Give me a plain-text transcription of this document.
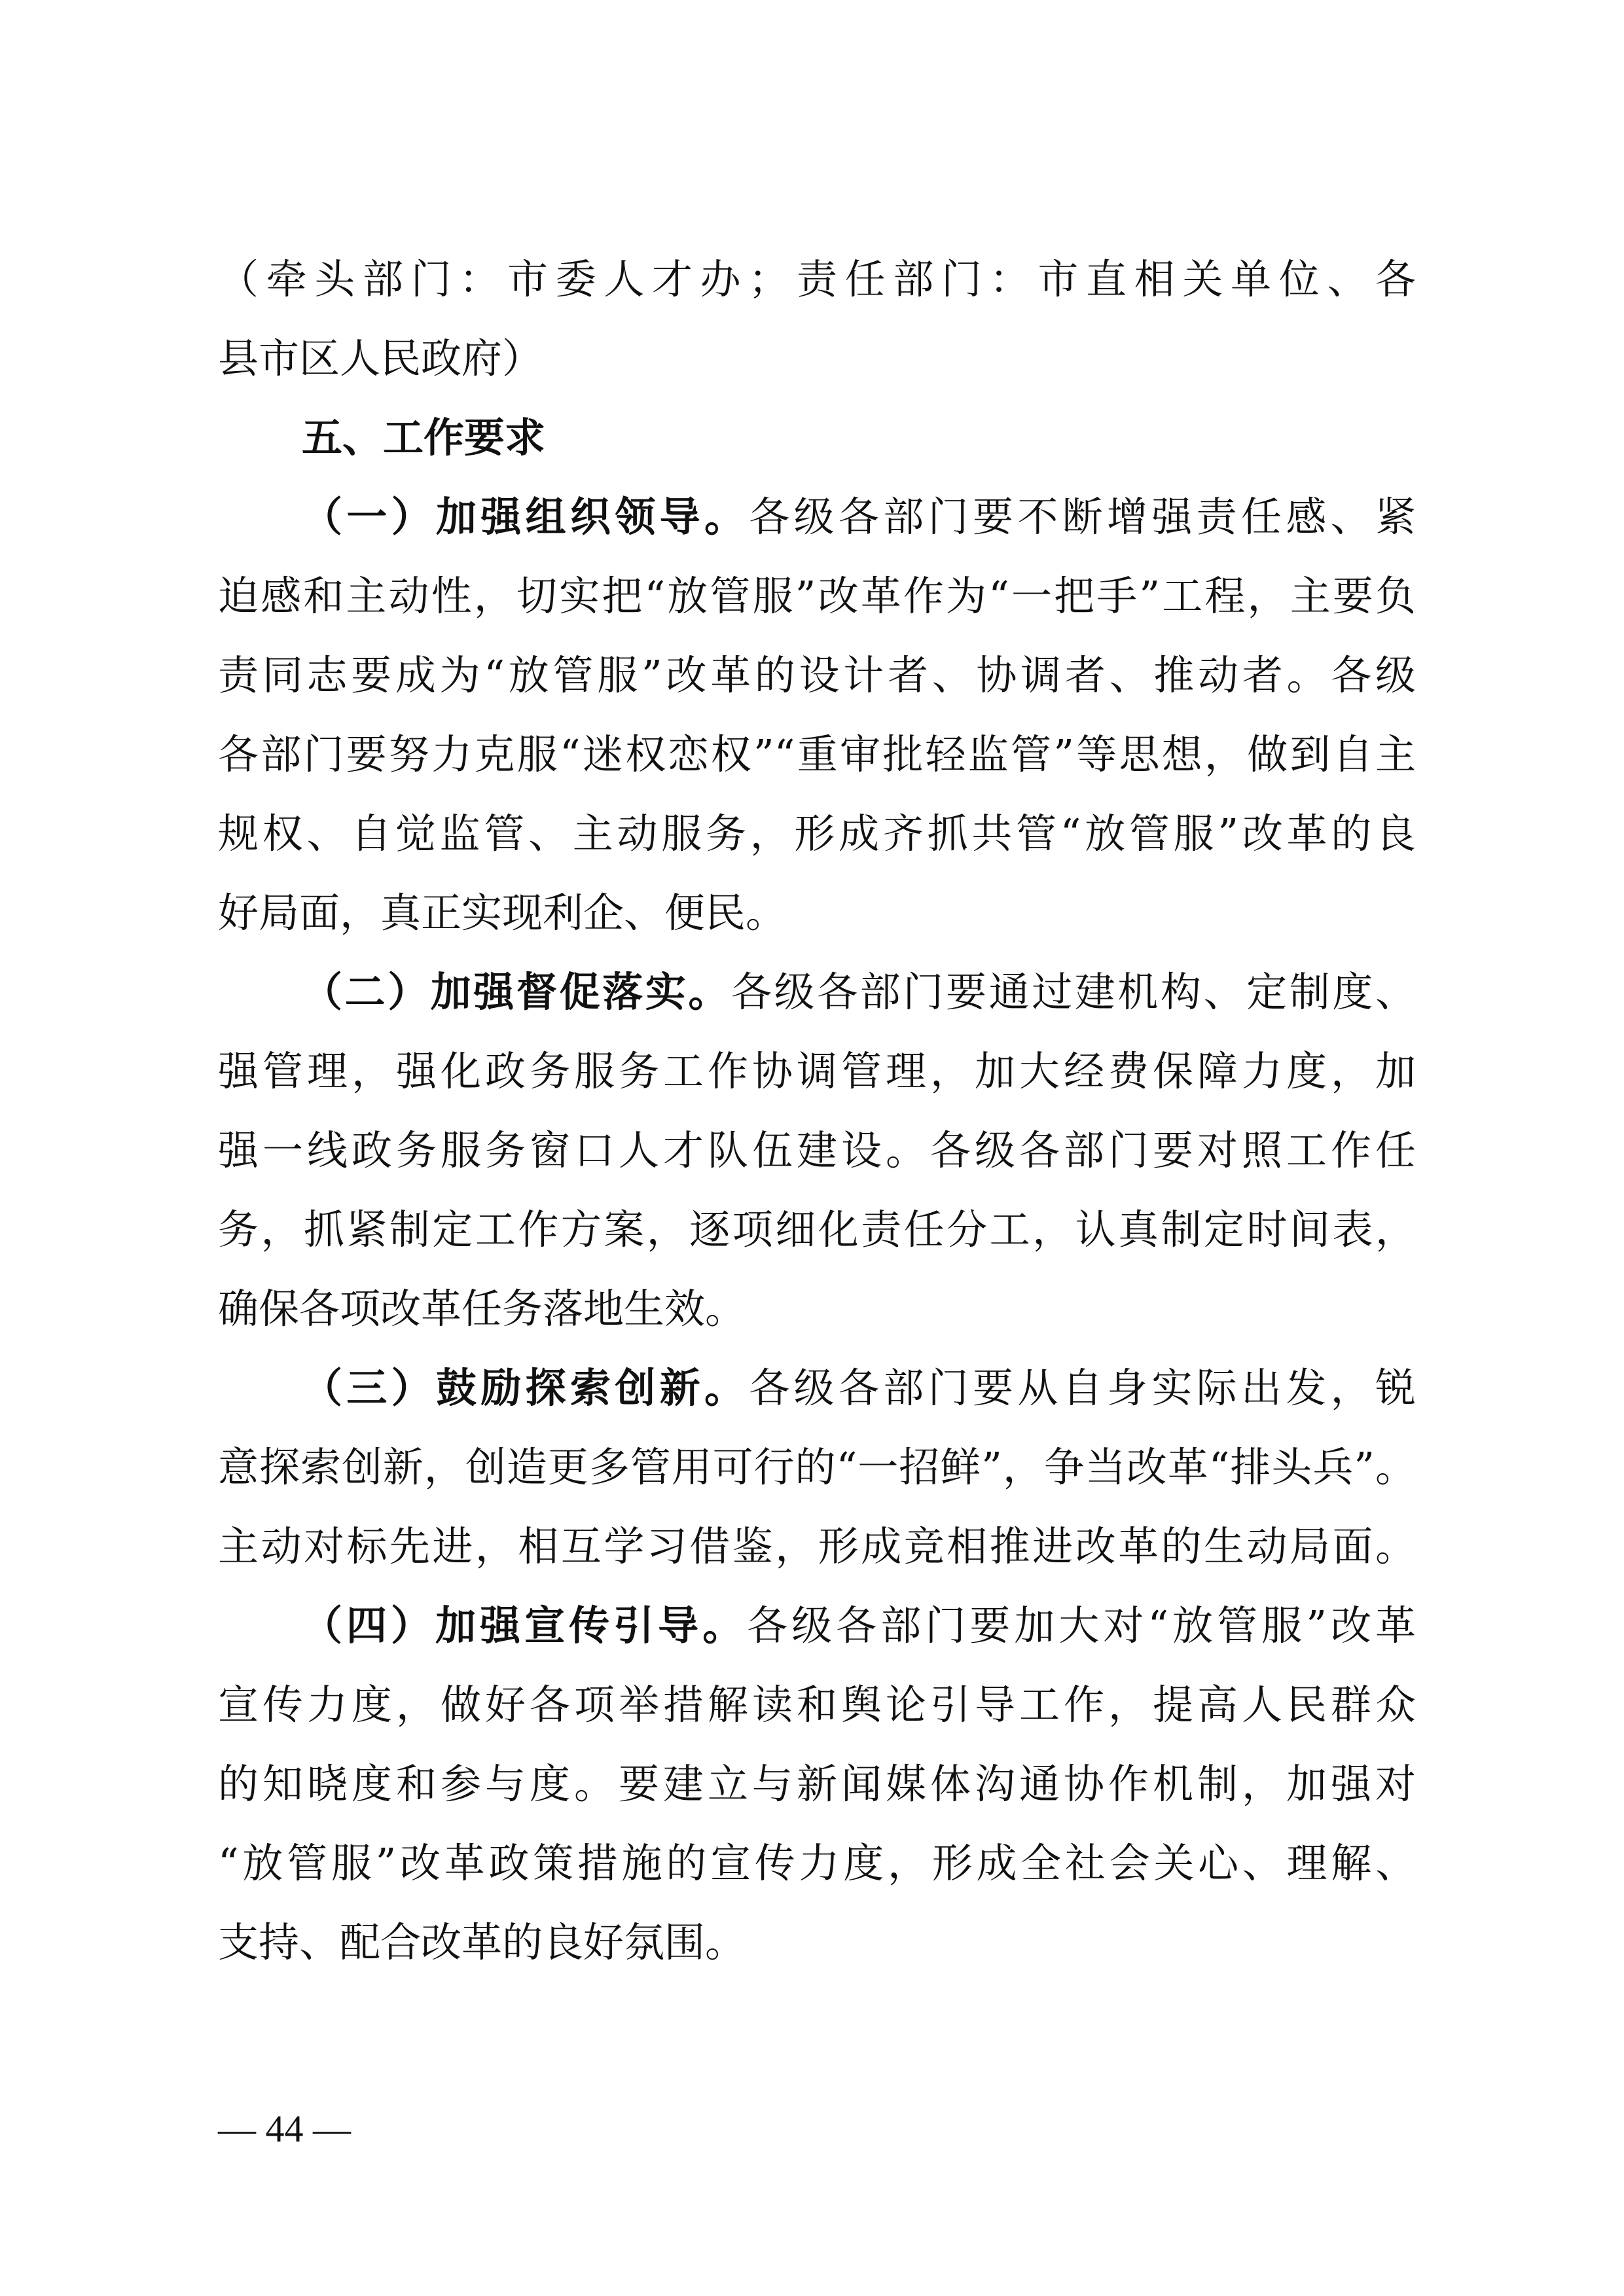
（牵头部门：市委人才办；责任部门：市直相关单位、各

县市区人民政府）

五、工作要求

（一）加强组织领导。各级各部门要不断增强责任感、紧

迫感和主动性，切实把“放管服”改革作为“一把手”工程，主要负

责同志要成为“放管服”改革的设计者、协调者、推动者。各级

各部门要努力克服“迷权恋权”“重审批轻监管”等思想，做到自主

规权、自觉监管、主动服务，形成齐抓共管“放管服”改革的良

好局面，真正实现利企、便民。

（二）加强督促落实。各级各部门要通过建机构、定制度、

强管理，强化政务服务工作协调管理，加大经费保障力度，加

强一线政务服务窗口人才队伍建设。各级各部门要对照工作任

务，抓紧制定工作方案，逐项细化责任分工，认真制定时间表，

确保各项改革任务落地生效。

（三）鼓励探索创新。各级各部门要从自身实际出发，锐

意探索创新，创造更多管用可行的“一招鲜”，争当改革“排头兵”。

主动对标先进，相互学习借鉴，形成竞相推进改革的生动局面。

（四）加强宣传引导。各级各部门要加大对“放管服”改革

宣传力度，做好各项举措解读和舆论引导工作，提高人民群众

的知晓度和参与度。要建立与新闻媒体沟通协作机制，加强对

“放管服”改革政策措施的宣传力度，形成全社会关心、理解、

支持、配合改革的良好氛围。

— 44 —
